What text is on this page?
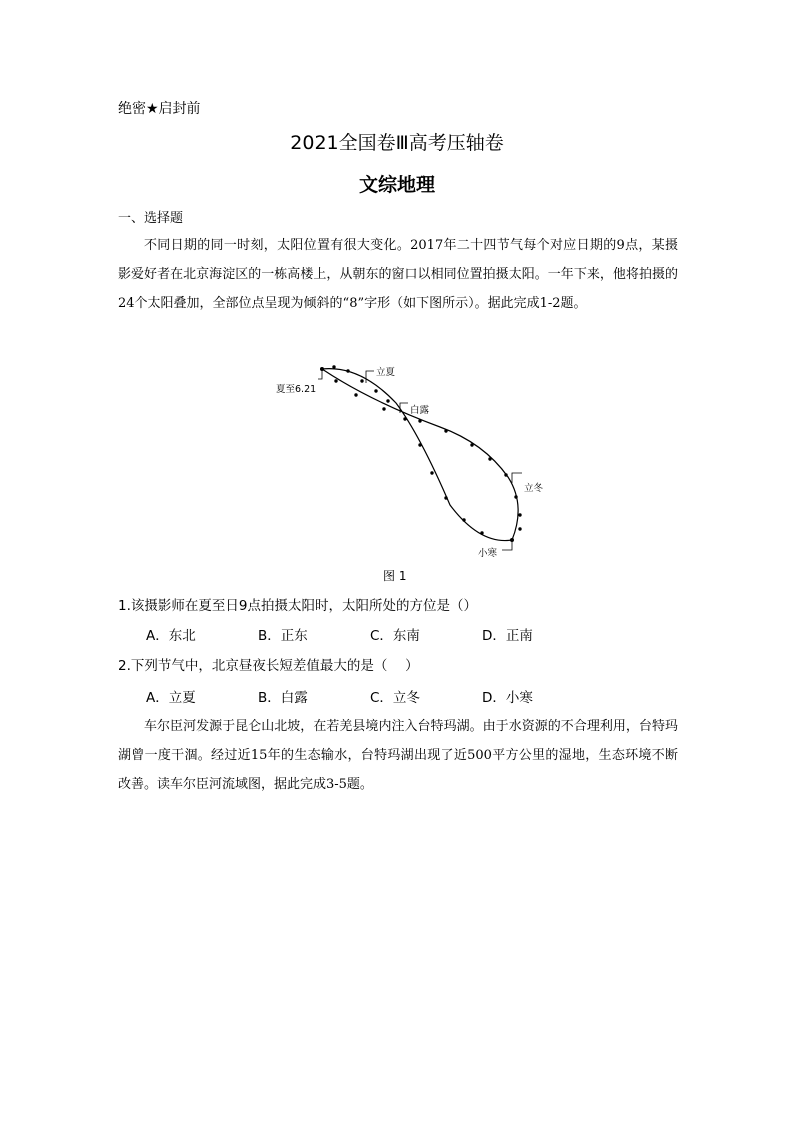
绝密★启封前
2021全国卷Ⅲ高考压轴卷
文综地理
一、选择题
不同日期的同一时刻，太阳位置有很大变化。2017年二十四节气每个对应日期的9点，某摄影爱好者在北京海淀区的一栋高楼上，从朝东的窗口以相同位置拍摄太阳。一年下来，他将拍摄的24个太阳叠加，全部位点呈现为倾斜的“8”字形（如下图所示）。据此完成1-2题。
夏至6.21
立夏
白露
立冬
小寒
图 1
1.该摄影师在夏至日9点拍摄太阳时，太阳所处的方位是（）
A．东北	B．正东	C．东南	D．正南
2.下列节气中，北京昼夜长短差值最大的是（　 ）
A．立夏	B．白露	C．立冬	D．小寒
车尔臣河发源于昆仑山北坡，在若羌县境内注入台特玛湖。由于水资源的不合理利用，台特玛湖曾一度干涸。经过近15年的生态输水，台特玛湖出现了近500平方公里的湿地，生态环境不断改善。读车尔臣河流域图，据此完成3-5题。
